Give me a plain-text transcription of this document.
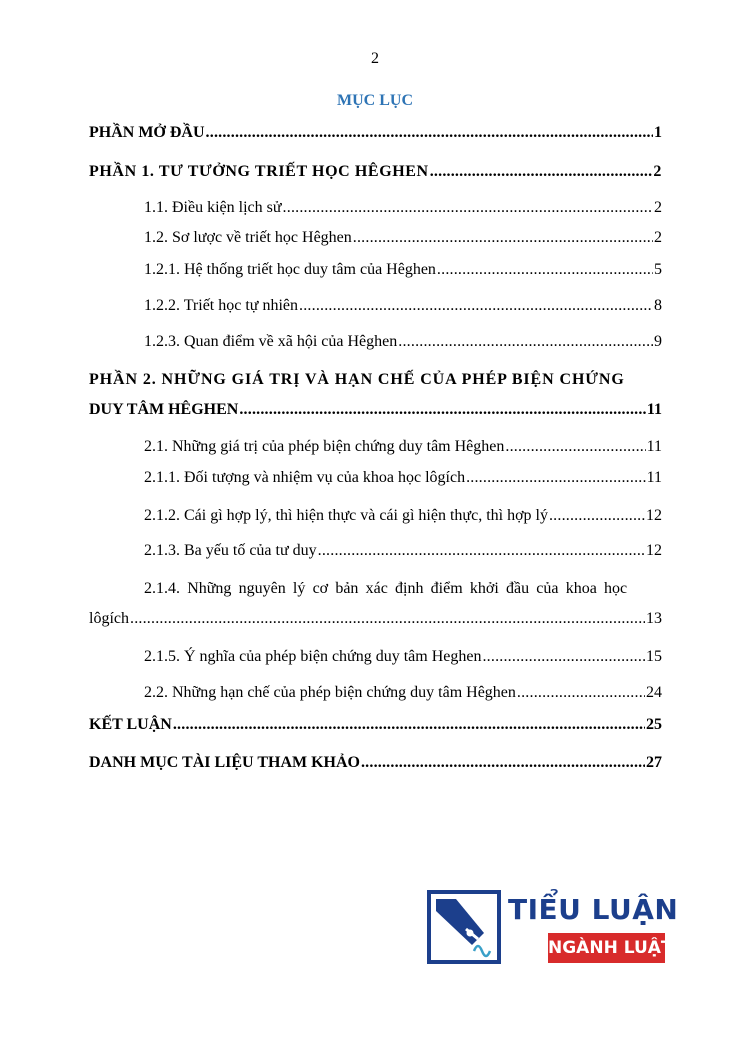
2
MỤC LỤC
PHẦN MỞ ĐẦU .....	1
PHẦN 1. TƯ TƯỞNG TRIẾT HỌC HÊGHEN .....	2
1.1. Điều kiện lịch sử .....	2
1.2. Sơ lược về triết học Hêghen .....	2
1.2.1. Hệ thống triết học duy tâm của Hêghen .....	5
1.2.2. Triết học tự nhiên .....	8
1.2.3. Quan điểm về xã hội của Hêghen .....	9
PHẦN 2. NHỮNG GIÁ TRỊ VÀ HẠN CHẾ CỦA PHÉP BIỆN CHỨNG
DUY TÂM HÊGHEN .....	11
2.1. Những giá trị của phép biện chứng duy tâm Hêghen .....	11
2.1.1. Đối tượng và nhiệm vụ của khoa học lôgích .....	11
2.1.2. Cái gì hợp lý, thì hiện thực và cái gì hiện thực, thì hợp lý .....	12
2.1.3. Ba yếu tố của tư duy .....	12
2.1.4. Những nguyên lý cơ bản xác định điểm khởi đầu của khoa học
lôgích .....	13
2.1.5. Ý nghĩa của phép biện chứng duy tâm Heghen .....	15
2.2. Những hạn chế của phép biện chứng duy tâm Hêghen .....	24
KẾT LUẬN .....	25
DANH MỤC TÀI LIỆU THAM KHẢO .....	27
TIỂU LUẬN
NGÀNH LUẬT
